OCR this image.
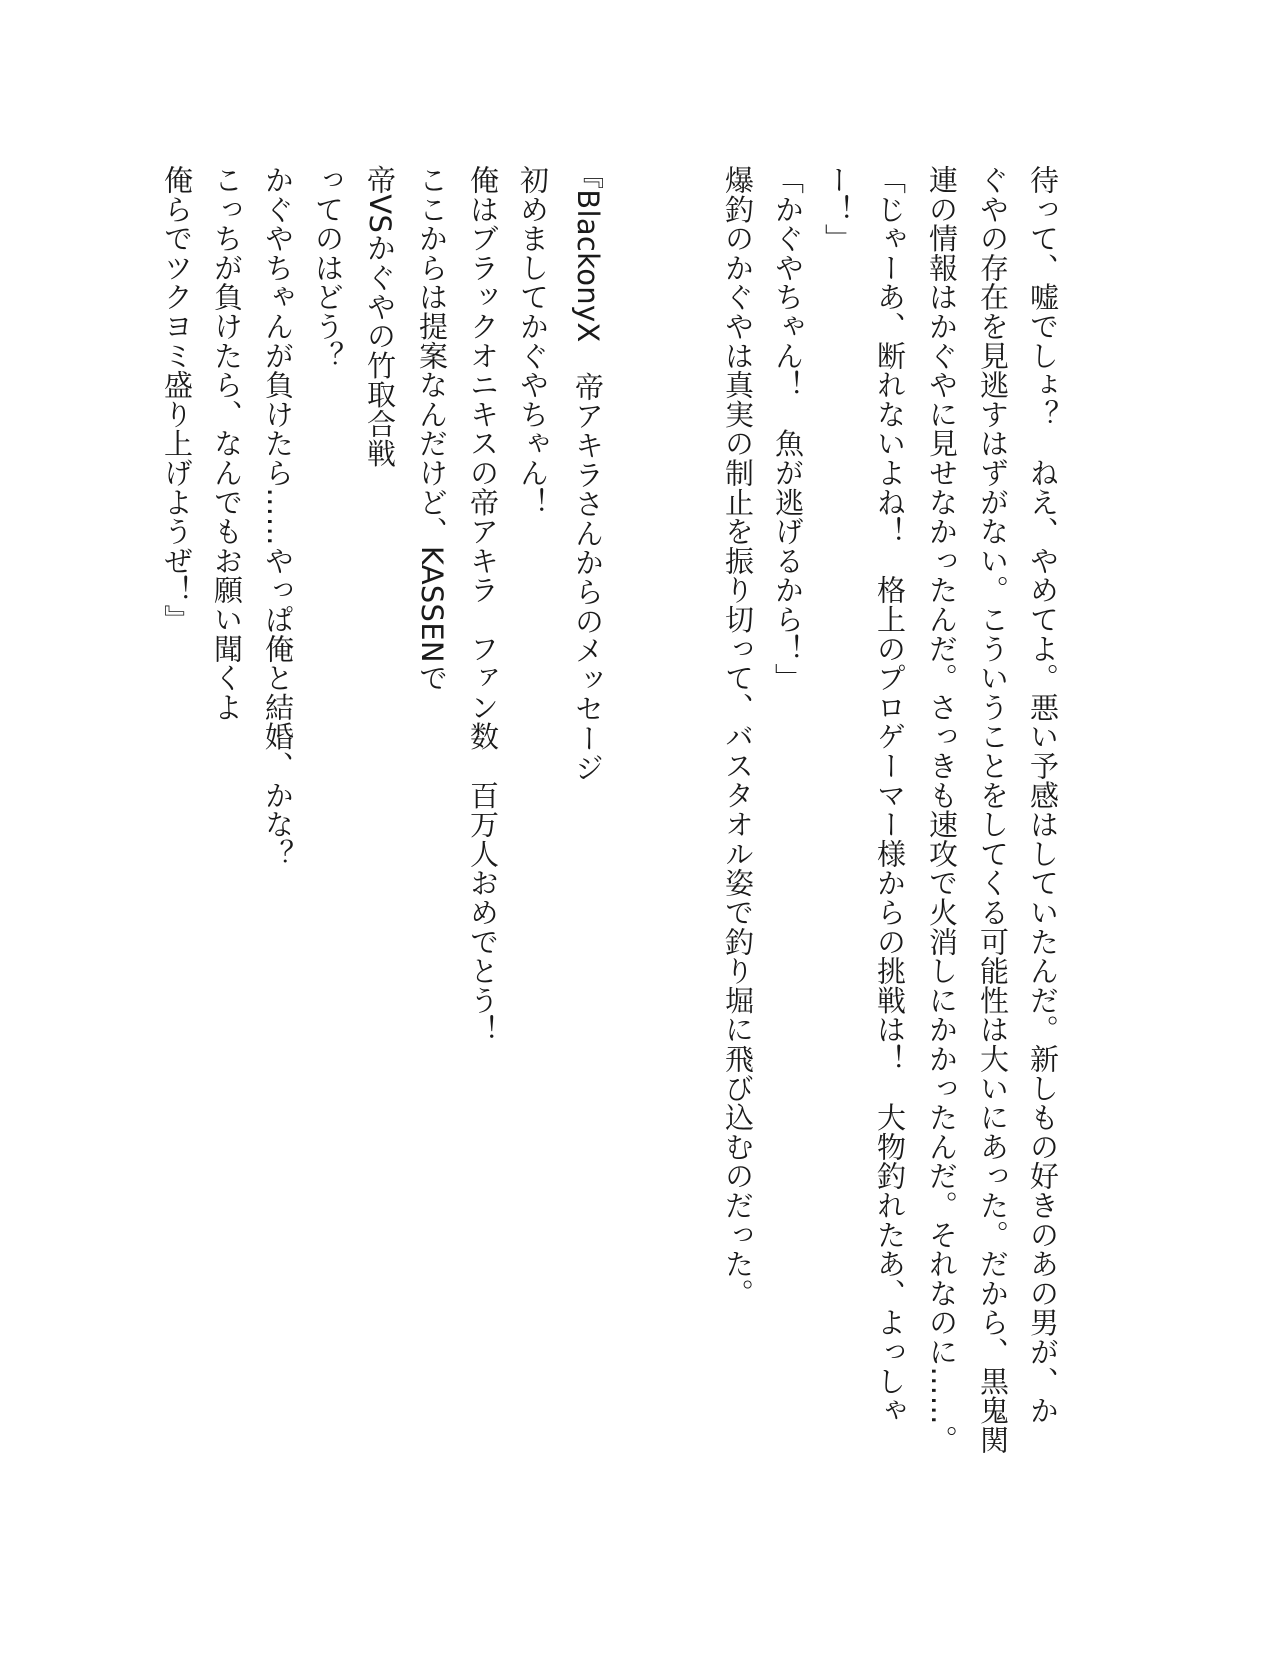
待って、嘘でしょ？　ねえ、やめてよ。悪い予感はしていたんだ。新しもの好きのあの男が、か
ぐやの存在を見逃すはずがない。こういうことをしてくる可能性は大いにあった。だから、黒鬼関
連の情報はかぐやに見せなかったんだ。さっきも速攻で火消しにかかったんだ。それなのに……。
「じゃーあ、断れないよね！　格上のプロゲーマー様からの挑戦は！　大物釣れたあ、よっしゃ
ー！」
「かぐやちゃん！　魚が逃げるから！」
爆釣のかぐやは真実の制止を振り切って、バスタオル姿で釣り堀に飛び込むのだった。
『BlackonyX　帝アキラさんからのメッセージ
初めましてかぐやちゃん！
俺はブラックオニキスの帝アキラ　ファン数　百万人おめでとう！
ここからは提案なんだけど、KASSENで
帝VSかぐやの竹取合戦
ってのはどう？
かぐやちゃんが負けたら……やっぱ俺と結婚、かな？
こっちが負けたら、なんでもお願い聞くよ
俺らでツクヨミ盛り上げようぜ！』
